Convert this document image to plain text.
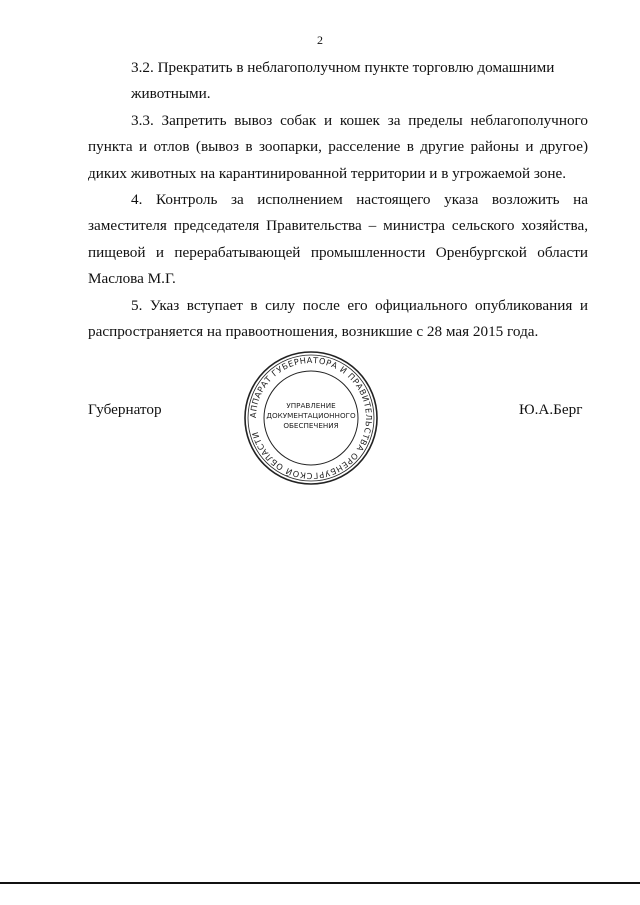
2

3.2. Прекратить в неблагополучном пункте торговлю домашними
животными.

3.3. Запретить вывоз собак и кошек за пределы неблагополучного пункта и отлов (вывоз в зоопарки, расселение в другие районы и другое) диких животных на карантинированной территории и в угрожаемой зоне.

4. Контроль за исполнением настоящего указа возложить на заместителя председателя Правительства – министра сельского хозяйства, пищевой и перерабатывающей промышленности Оренбургской области Маслова М.Г.

5. Указ вступает в силу после его официального опубликования и распространяется на правоотношения, возникшие с 28 мая 2015 года.

Губернатор	АППАРАТ ГУБЕРНАТОРА И ПРАВИТЕЛЬСТВА ОРЕНБУРГСКОЙ ОБЛАСТИ
УПРАВЛЕНИЕ
ДОКУМЕНТАЦИОННОГО
ОБЕСПЕЧЕНИЯ
Ю.А.Берг
